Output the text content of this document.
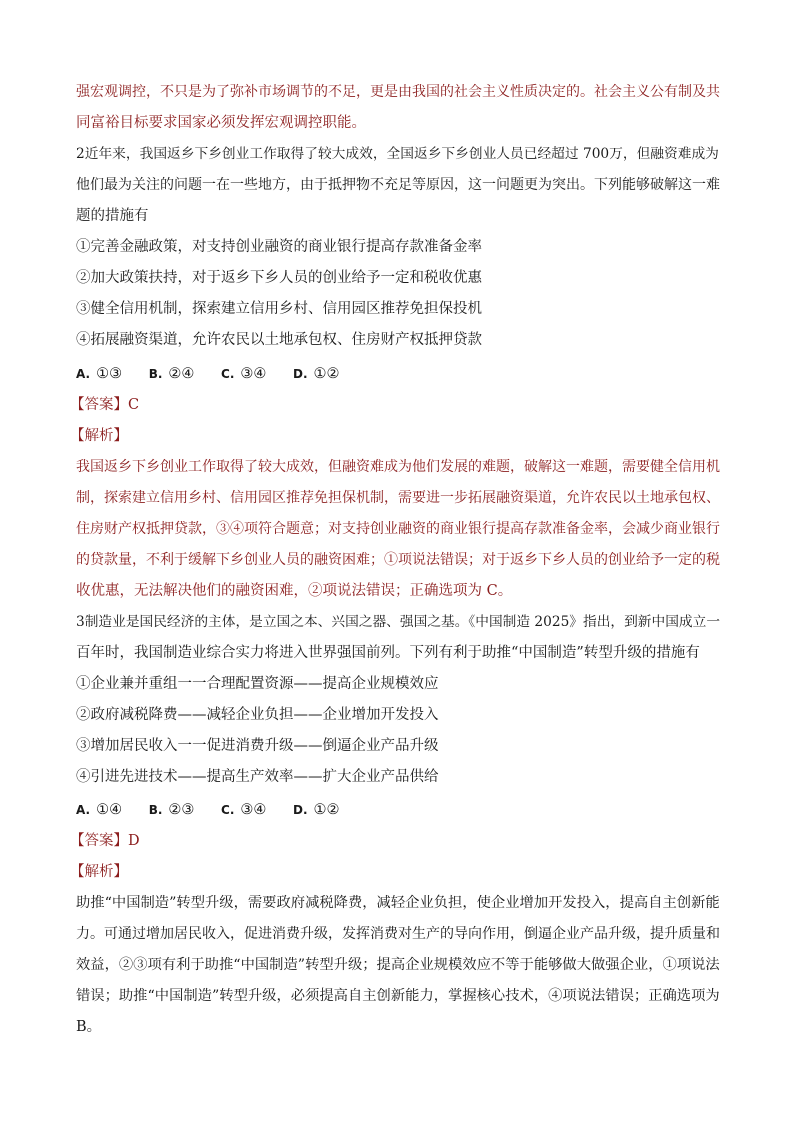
强宏观调控，不只是为了弥补市场调节的不足，更是由我国的社会主义性质决定的。社会主义公有制及共
同富裕目标要求国家必须发挥宏观调控职能。
2近年来，我国返乡下乡创业工作取得了较大成效，全国返乡下乡创业人员已经超过 700万，但融资难成为
他们最为关注的问题一在一些地方，由于抵押物不充足等原因，这一问题更为突出。下列能够破解这一难
题的措施有
①完善金融政策，对支持创业融资的商业银行提高存款准备金率
②加大政策扶持，对于返乡下乡人员的创业给予一定和税收优惠
③健全信用机制，探索建立信用乡村、信用园区推荐免担保投机
④拓展融资渠道，允许农民以土地承包权、住房财产权抵押贷款
A. ①③ B. ②④ C. ③④ D. ①②
【答案】C
【解析】
我国返乡下乡创业工作取得了较大成效，但融资难成为他们发展的难题，破解这一难题，需要健全信用机
制，探索建立信用乡村、信用园区推荐免担保机制，需要进一步拓展融资渠道，允许农民以土地承包权、
住房财产权抵押贷款，③④项符合题意；对支持创业融资的商业银行提高存款准备金率，会减少商业银行
的贷款量，不利于缓解下乡创业人员的融资困难；①项说法错误；对于返乡下乡人员的创业给予一定的税
收优惠，无法解决他们的融资困难，②项说法错误；正确选项为 C。
3制造业是国民经济的主体，是立国之本、兴国之器、强国之基。《中国制造 2025》指出，到新中国成立一
百年时，我国制造业综合实力将进入世界强国前列。下列有利于助推“中国制造”转型升级的措施有
①企业兼并重组一一合理配置资源——提高企业规模效应
②政府减税降费——减轻企业负担——企业增加开发投入
③增加居民收入一一促进消费升级——倒逼企业产品升级
④引进先进技术——提高生产效率——扩大企业产品供给
A. ①④ B. ②③ C. ③④ D. ①②
【答案】D
【解析】
助推“中国制造”转型升级，需要政府减税降费，减轻企业负担，使企业增加开发投入，提高自主创新能
力。可通过增加居民收入，促进消费升级，发挥消费对生产的导向作用，倒逼企业产品升级，提升质量和
效益，②③项有利于助推“中国制造”转型升级；提高企业规模效应不等于能够做大做强企业，①项说法
错误；助推“中国制造”转型升级，必须提高自主创新能力，掌握核心技术，④项说法错误；正确选项为
B。
